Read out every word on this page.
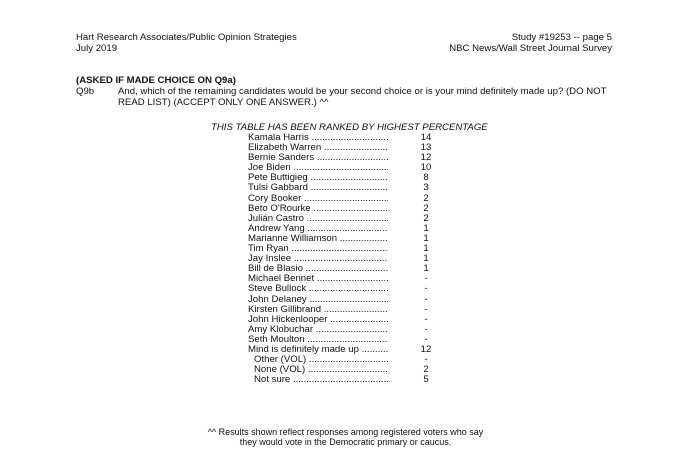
Hart Research Associates/Public Opinion Strategies
July 2019
Study #19253 -- page 5
NBC News/Wall Street Journal Survey
(ASKED IF MADE CHOICE ON Q9a)
Q9b And, which of the remaining candidates would be your second choice or is your mind definitely made up? (DO NOT READ LIST) (ACCEPT ONLY ONE ANSWER.) ^^
THIS TABLE HAS BEEN RANKED BY HIGHEST PERCENTAGE
Kamala Harris .....	14
Elizabeth Warren .....	13
Bernie Sanders .....	12
Joe Biden .....	10
Pete Buttigieg .....	8
Tulsi Gabbard .....	3
Cory Booker .....	2
Beto O'Rourke .....	2
Julián Castro .....	2
Andrew Yang .....	1
Marianne Williamson .....	1
Tim Ryan .....	1
Jay Inslee .....	1
Bill de Blasio .....	1
Michael Bennet .....	-
Steve Bullock .....	-
John Delaney .....	-
Kirsten Gillibrand .....	-
John Hickenlooper .....	-
Amy Klobuchar .....	-
Seth Moulton .....	-
Mind is definitely made up .....	12
Other (VOL) .....	-
None (VOL) .....	2
Not sure .....	5
^^ Results shown reflect responses among registered voters who say
they would vote in the Democratic primary or caucus.
